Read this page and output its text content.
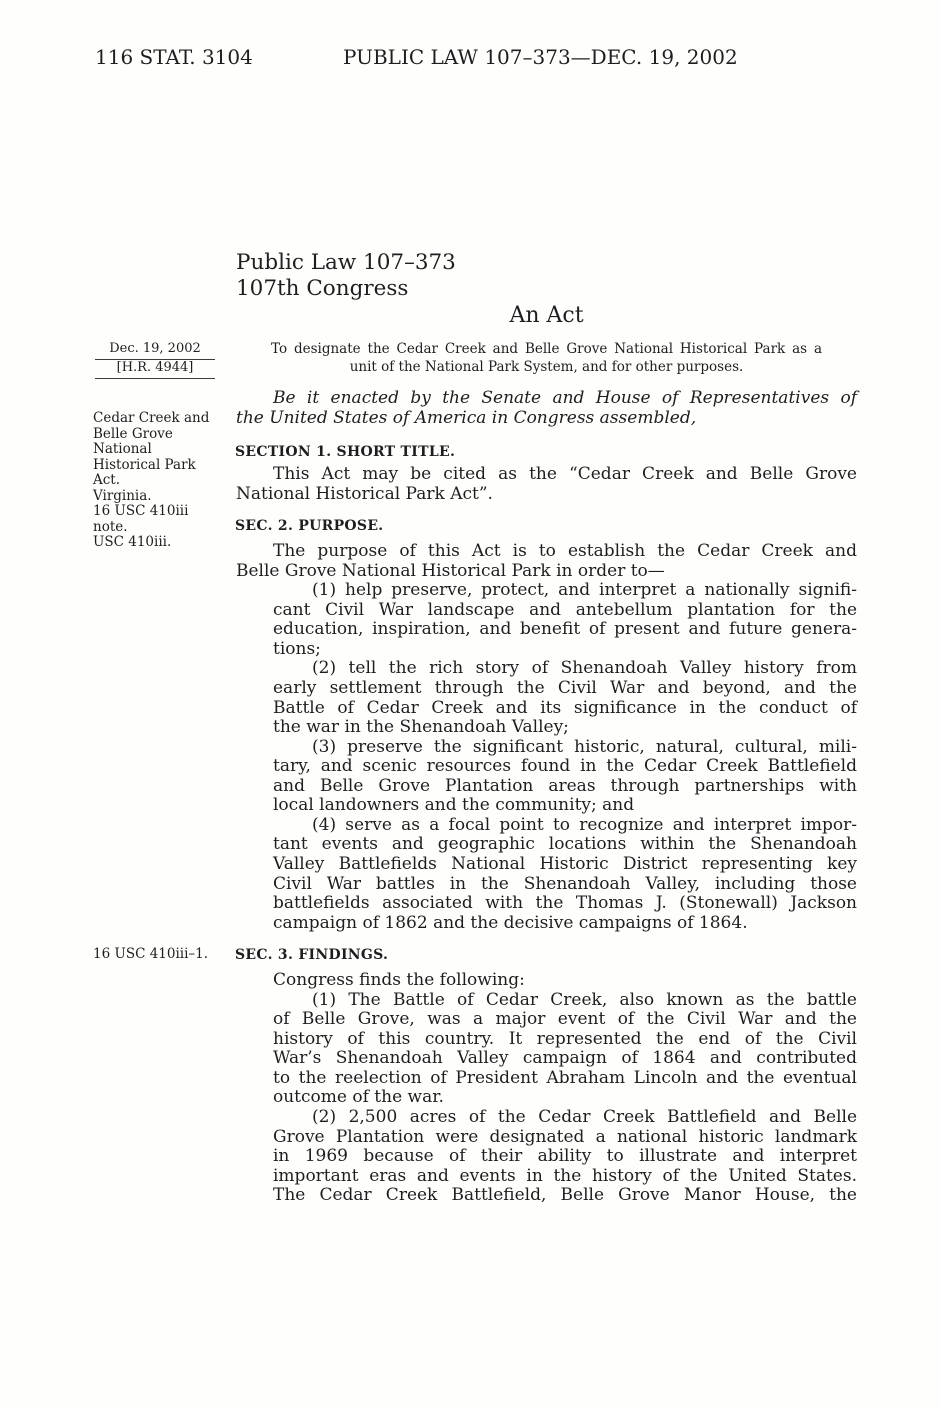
116 STAT. 3104	PUBLIC LAW 107–373—DEC. 19, 2002
Public Law 107–373
107th Congress
An Act
Dec. 19, 2002
[H.R. 4944]
To designate the Cedar Creek and Belle Grove National Historical Park as a
unit of the National Park System, and for other purposes.
Cedar Creek and
Belle Grove
National
Historical Park
Act.
Virginia.
16 USC 410iii
note.
USC 410iii.
Be it enacted by the Senate and House of Representatives of
the United States of America in Congress assembled,
SECTION 1. SHORT TITLE.
This Act may be cited as the “Cedar Creek and Belle Grove
National Historical Park Act”.
SEC. 2. PURPOSE.
The purpose of this Act is to establish the Cedar Creek and
Belle Grove National Historical Park in order to—
(1) help preserve, protect, and interpret a nationally signifi-
cant Civil War landscape and antebellum plantation for the
education, inspiration, and benefit of present and future genera-
tions;
(2) tell the rich story of Shenandoah Valley history from
early settlement through the Civil War and beyond, and the
Battle of Cedar Creek and its significance in the conduct of
the war in the Shenandoah Valley;
(3) preserve the significant historic, natural, cultural, mili-
tary, and scenic resources found in the Cedar Creek Battlefield
and Belle Grove Plantation areas through partnerships with
local landowners and the community; and
(4) serve as a focal point to recognize and interpret impor-
tant events and geographic locations within the Shenandoah
Valley Battlefields National Historic District representing key
Civil War battles in the Shenandoah Valley, including those
battlefields associated with the Thomas J. (Stonewall) Jackson
campaign of 1862 and the decisive campaigns of 1864.
16 USC 410iii–1. SEC. 3. FINDINGS.
Congress finds the following:
(1) The Battle of Cedar Creek, also known as the battle
of Belle Grove, was a major event of the Civil War and the
history of this country. It represented the end of the Civil
War’s Shenandoah Valley campaign of 1864 and contributed
to the reelection of President Abraham Lincoln and the eventual
outcome of the war.
(2) 2,500 acres of the Cedar Creek Battlefield and Belle
Grove Plantation were designated a national historic landmark
in 1969 because of their ability to illustrate and interpret
important eras and events in the history of the United States.
The Cedar Creek Battlefield, Belle Grove Manor House, the
